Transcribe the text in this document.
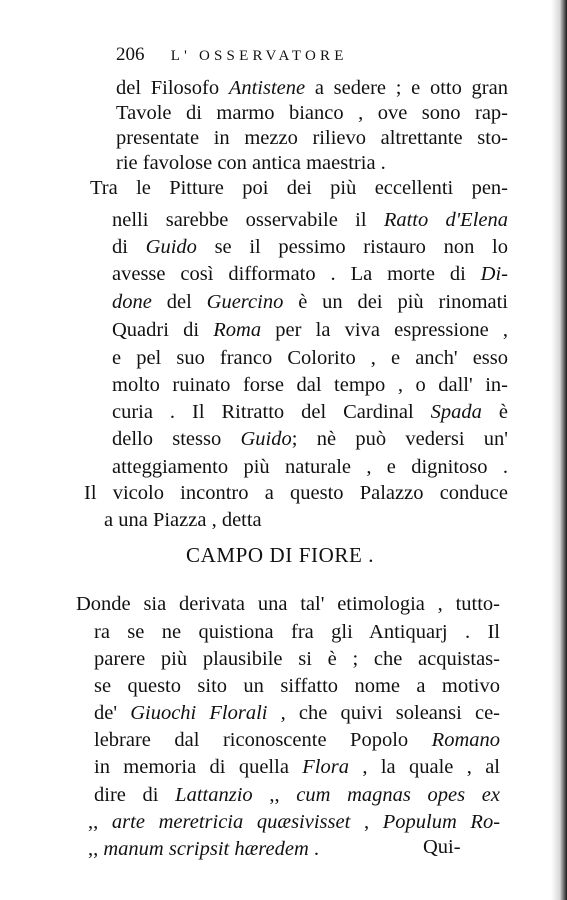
206 L' OSSERVATORE
del Filosofo Antistene a sedere ; e otto gran
Tavole di marmo bianco , ove sono rap-
presentate in mezzo rilievo altrettante sto-
rie favolose con antica maestria .
Tra le Pitture poi dei più eccellenti pen-
nelli sarebbe osservabile il Ratto d'Elena
di Guido se il pessimo ristauro non lo
avesse così difformato . La morte di Di-
done del Guercino è un dei più rinomati
Quadri di Roma per la viva espressione ,
e pel suo franco Colorito , e anch' esso
molto ruinato forse dal tempo , o dall' in-
curia . Il Ritratto del Cardinal Spada è
dello stesso Guido; nè può vedersi un'
atteggiamento più naturale , e dignitoso .
Il vicolo incontro a questo Palazzo conduce
a una Piazza , detta
CAMPO DI FIORE .
Donde sia derivata una tal' etimologia , tutto-
ra se ne quistiona fra gli Antiquarj . Il
parere più plausibile si è ; che acquistas-
se questo sito un siffatto nome a motivo
de' Giuochi Florali , che quivi soleansi ce-
lebrare dal riconoscente Popolo Romano
in memoria di quella Flora , la quale , al
dire di Lattanzio ,, cum magnas opes ex
,, arte meretricia quæsivisset , Populum Ro-
,, manum scripsit hæredem .	Qui-
